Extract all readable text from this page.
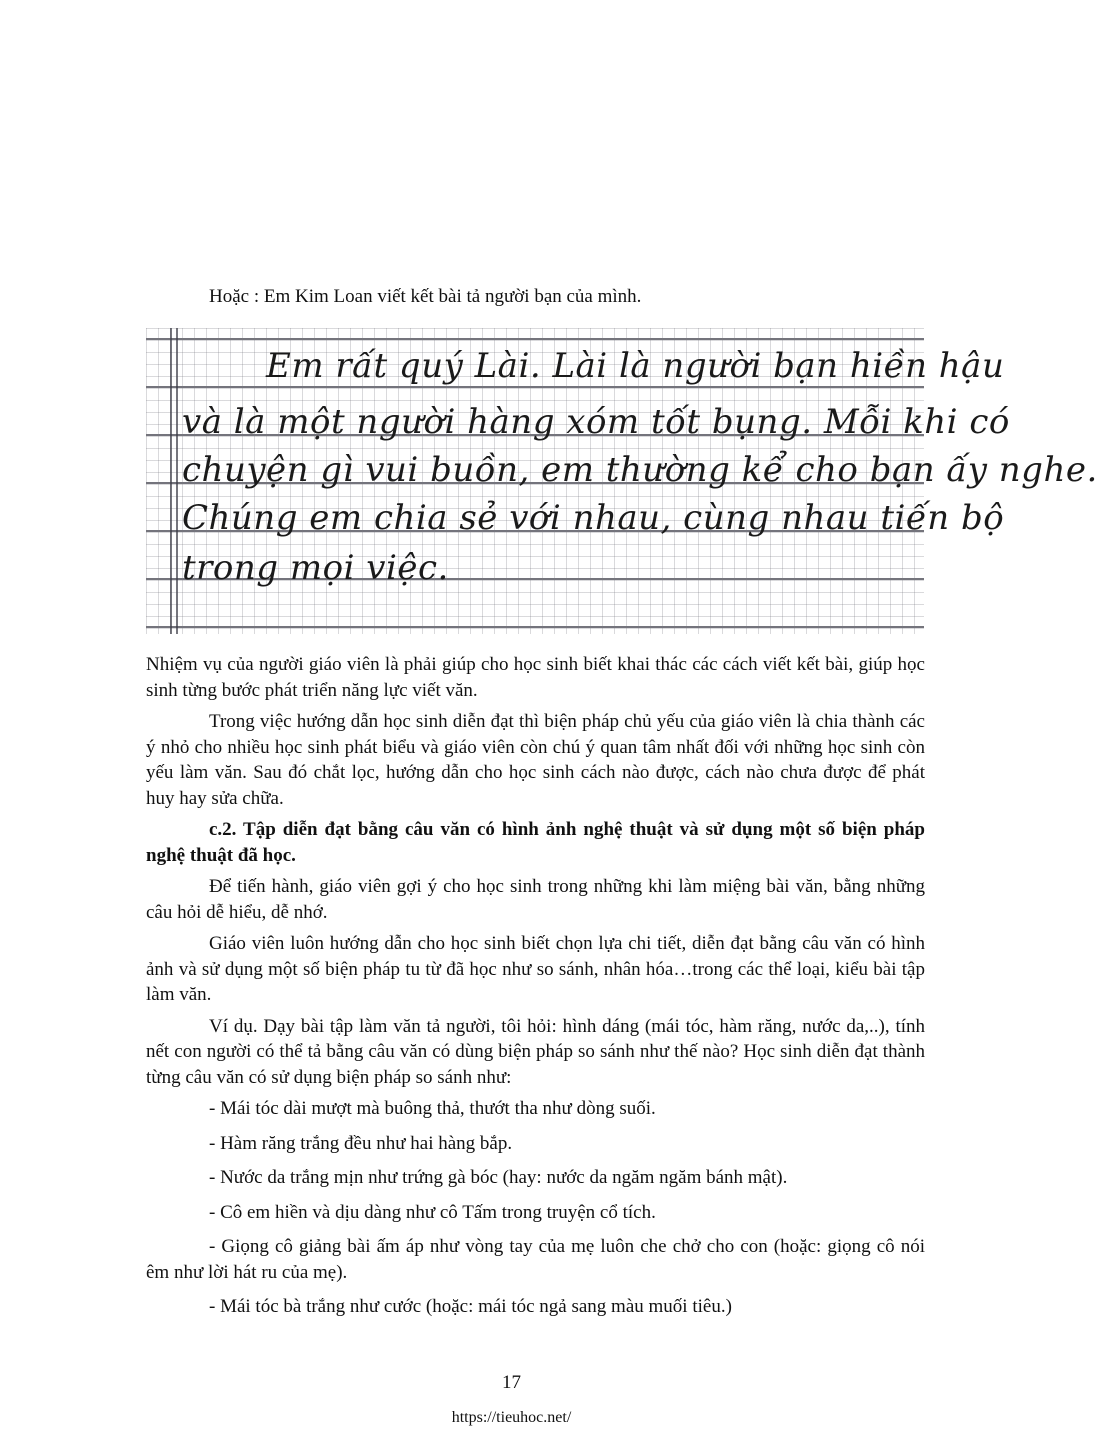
Hoặc : Em Kim Loan viết kết bài tả người bạn của mình.
Em rất quý Lài. Lài là người bạn hiền hậu
và là một người hàng xóm tốt bụng. Mỗi khi có
chuyện gì vui buồn, em thường kể cho bạn ấy nghe.
Chúng em chia sẻ với nhau, cùng nhau tiến bộ
trong mọi việc.

Nhiệm vụ của người giáo viên là phải giúp cho học sinh biết khai thác các cách viết kết bài, giúp học sinh từng bước phát triển năng lực viết văn.

Trong việc hướng dẫn học sinh diễn đạt thì biện pháp chủ yếu của giáo viên là chia thành các ý nhỏ cho nhiều học sinh phát biểu và giáo viên còn chú ý quan tâm nhất đối với những học sinh còn yếu làm văn. Sau đó chắt lọc, hướng dẫn cho học sinh cách nào được, cách nào chưa được để phát huy hay sửa chữa.

c.2. Tập diễn đạt bằng câu văn có hình ảnh nghệ thuật và sử dụng một số biện pháp nghệ thuật đã học.

Để tiến hành, giáo viên gợi ý cho học sinh trong những khi làm miệng bài văn, bằng những câu hỏi dễ hiểu, dễ nhớ.

Giáo viên luôn hướng dẫn cho học sinh biết chọn lựa chi tiết, diễn đạt bằng câu văn có hình ảnh và sử dụng một số biện pháp tu từ đã học như so sánh, nhân hóa…trong các thể loại, kiểu bài tập làm văn.

Ví dụ. Dạy bài tập làm văn tả người, tôi hỏi: hình dáng (mái tóc, hàm răng, nước da,..), tính nết con người có thể tả bằng câu văn có dùng biện pháp so sánh như thế nào? Học sinh diễn đạt thành từng câu văn có sử dụng biện pháp so sánh như:

- Mái tóc dài mượt mà buông thả, thướt tha như dòng suối.

- Hàm răng trắng đều như hai hàng bắp.

- Nước da trắng mịn như trứng gà bóc (hay: nước da ngăm ngăm bánh mật).

- Cô em hiền và dịu dàng như cô Tấm trong truyện cổ tích.

- Giọng cô giảng bài ấm áp như vòng tay của mẹ luôn che chở cho con (hoặc: giọng cô nói êm như lời hát ru của mẹ).

- Mái tóc bà trắng như cước (hoặc: mái tóc ngả sang màu muối tiêu.)

17
https://tieuhoc.net/
